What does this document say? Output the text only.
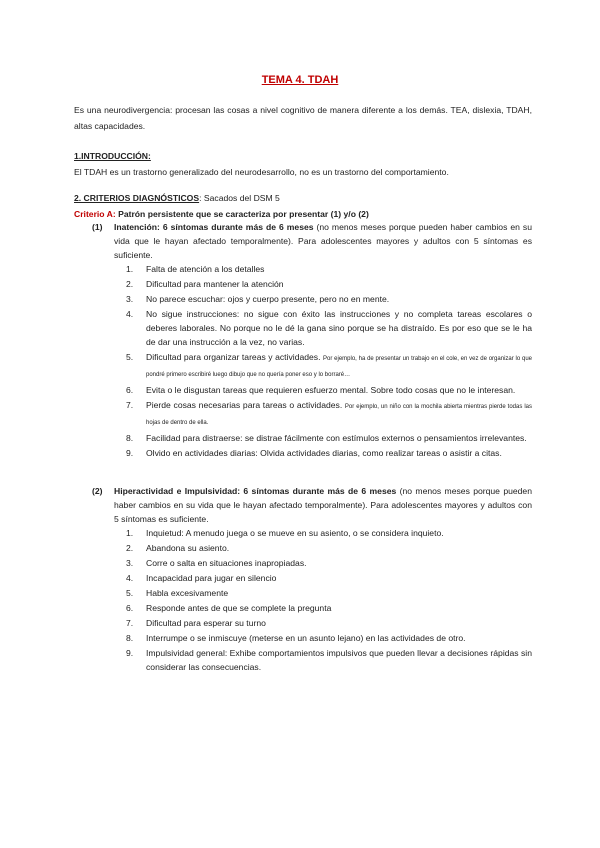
TEMA 4. TDAH
Es una neurodivergencia: procesan las cosas a nivel cognitivo de manera diferente a los demás. TEA, dislexia, TDAH, altas capacidades.
1.INTRODUCCIÓN:
El TDAH es un trastorno generalizado del neurodesarrollo, no es un trastorno del comportamiento.
2. CRITERIOS DIAGNÓSTICOS: Sacados del DSM 5
Criterio A: Patrón persistente que se caracteriza por presentar (1) y/o (2)
(1) Inatención: 6 síntomas durante más de 6 meses (no menos meses porque pueden haber cambios en su vida que le hayan afectado temporalmente). Para adolescentes mayores y adultos con 5 síntomas es suficiente.
1. Falta de atención a los detalles
2. Dificultad para mantener la atención
3. No parece escuchar: ojos y cuerpo presente, pero no en mente.
4. No sigue instrucciones: no sigue con éxito las instrucciones y no completa tareas escolares o deberes laborales. No porque no le dé la gana sino porque se ha distraído. Es por eso que se le ha de dar una instrucción a la vez, no varias.
5. Dificultad para organizar tareas y actividades. Por ejemplo, ha de presentar un trabajo en el cole, en vez de organizar lo que pondré primero escribiré luego dibujo que no quería poner eso y lo borraré…
6. Evita o le disgustan tareas que requieren esfuerzo mental. Sobre todo cosas que no le interesan.
7. Pierde cosas necesarias para tareas o actividades. Por ejemplo, un niño con la mochila abierta mientras pierde todas las hojas de dentro de ella.
8. Facilidad para distraerse: se distrae fácilmente con estímulos externos o pensamientos irrelevantes.
9. Olvido en actividades diarias: Olvida actividades diarias, como realizar tareas o asistir a citas.
(2) Hiperactividad e Impulsividad: 6 síntomas durante más de 6 meses (no menos meses porque pueden haber cambios en su vida que le hayan afectado temporalmente). Para adolescentes mayores y adultos con 5 síntomas es suficiente.
1. Inquietud: A menudo juega o se mueve en su asiento, o se considera inquieto.
2. Abandona su asiento.
3. Corre o salta en situaciones inapropiadas.
4. Incapacidad para jugar en silencio
5. Habla excesivamente
6. Responde antes de que se complete la pregunta
7. Dificultad para esperar su turno
8. Interrumpe o se inmiscuye (meterse en un asunto lejano) en las actividades de otro.
9. Impulsividad general: Exhibe comportamientos impulsivos que pueden llevar a decisiones rápidas sin considerar las consecuencias.
